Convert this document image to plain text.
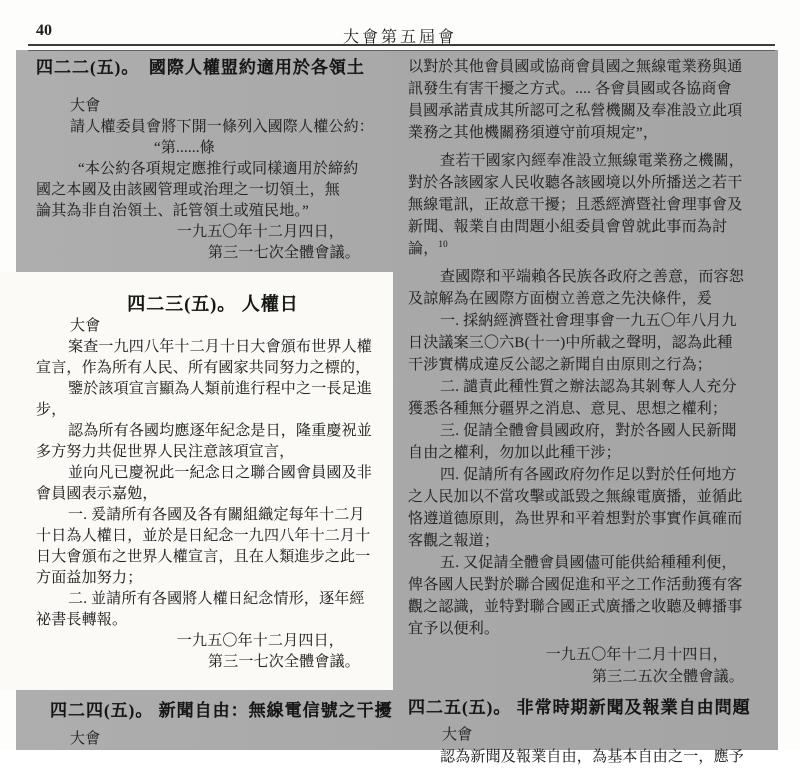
40	大會第五屆會
四二二(五)。　國際人權盟約適用於各領土
大會
請人權委員會將下開一條列入國際人權公約：
“第......條
“本公約各項規定應推行或同樣適用於締約
國之本國及由該國管理或治理之一切領土，無
論其為非自治領土、託管領土或殖民地。”
一九五〇年十二月四日，
第三一七次全體會議。
四二三(五)。 人權日
大會
案查一九四八年十二月十日大會頒布世界人權
宣言，作為所有人民、所有國家共同努力之標的，
鑒於該項宣言顯為人類前進行程中之一長足進
步，
認為所有各國均應逐年紀念是日，隆重慶祝並
多方努力共促世界人民注意該項宣言，
並向凡已慶祝此一紀念日之聯合國會員國及非
會員國表示嘉勉，
一. 爰請所有各國及各有關組織定每年十二月
十日為人權日，並於是日紀念一九四八年十二月十
日大會頒布之世界人權宣言，且在人類進步之此一
方面益加努力；
二. 並請所有各國將人權日紀念情形，逐年經
祕書長轉報。
一九五〇年十二月四日，
第三一七次全體會議。
四二四(五)。 新聞自由：無線電信號之干擾
大會
以對於其他會員國或協商會員國之無線電業務與通
訊發生有害干擾之方式。.... 各會員國或各協商會
員國承諾責成其所認可之私營機關及奉准設立此項
業務之其他機關務須遵守前項規定”，
查若干國家內經奉准設立無線電業務之機關，
對於各該國家人民收聽各該國境以外所播送之若干
無線電訊，正故意干擾；且悉經濟暨社會理事會及
新聞、報業自由問題小組委員會曾就此事而為討
論，$^{10}$
查國際和平端賴各民族各政府之善意，而容恕
及諒解為在國際方面樹立善意之先決條件，爰
一. 採納經濟暨社會理事會一九五〇年八月九
日決議案三〇六B(十一)中所載之聲明，認為此種
干涉實構成違反公認之新聞自由原則之行為；
二. 譴責此種性質之辦法認為其剝奪人人充分
獲悉各種無分疆界之消息、意見、思想之權利；
三. 促請全體會員國政府，對於各國人民新聞
自由之權利，勿加以此種干涉；
四. 促請所有各國政府勿作足以對於任何地方
之人民加以不當攻擊或詆毀之無線電廣播，並循此
恪遵道德原則，為世界和平着想對於事實作眞確而
客觀之報道；
五. 又促請全體會員國儘可能供給種種利便，
俾各國人民對於聯合國促進和平之工作活動獲有客
觀之認識，並特對聯合國正式廣播之收聽及轉播事
宜予以便利。
一九五〇年十二月十四日，
第三二五次全體會議。
四二五(五)。 非常時期新聞及報業自由問題
大會
認為新聞及報業自由，為基本自由之一，應予
